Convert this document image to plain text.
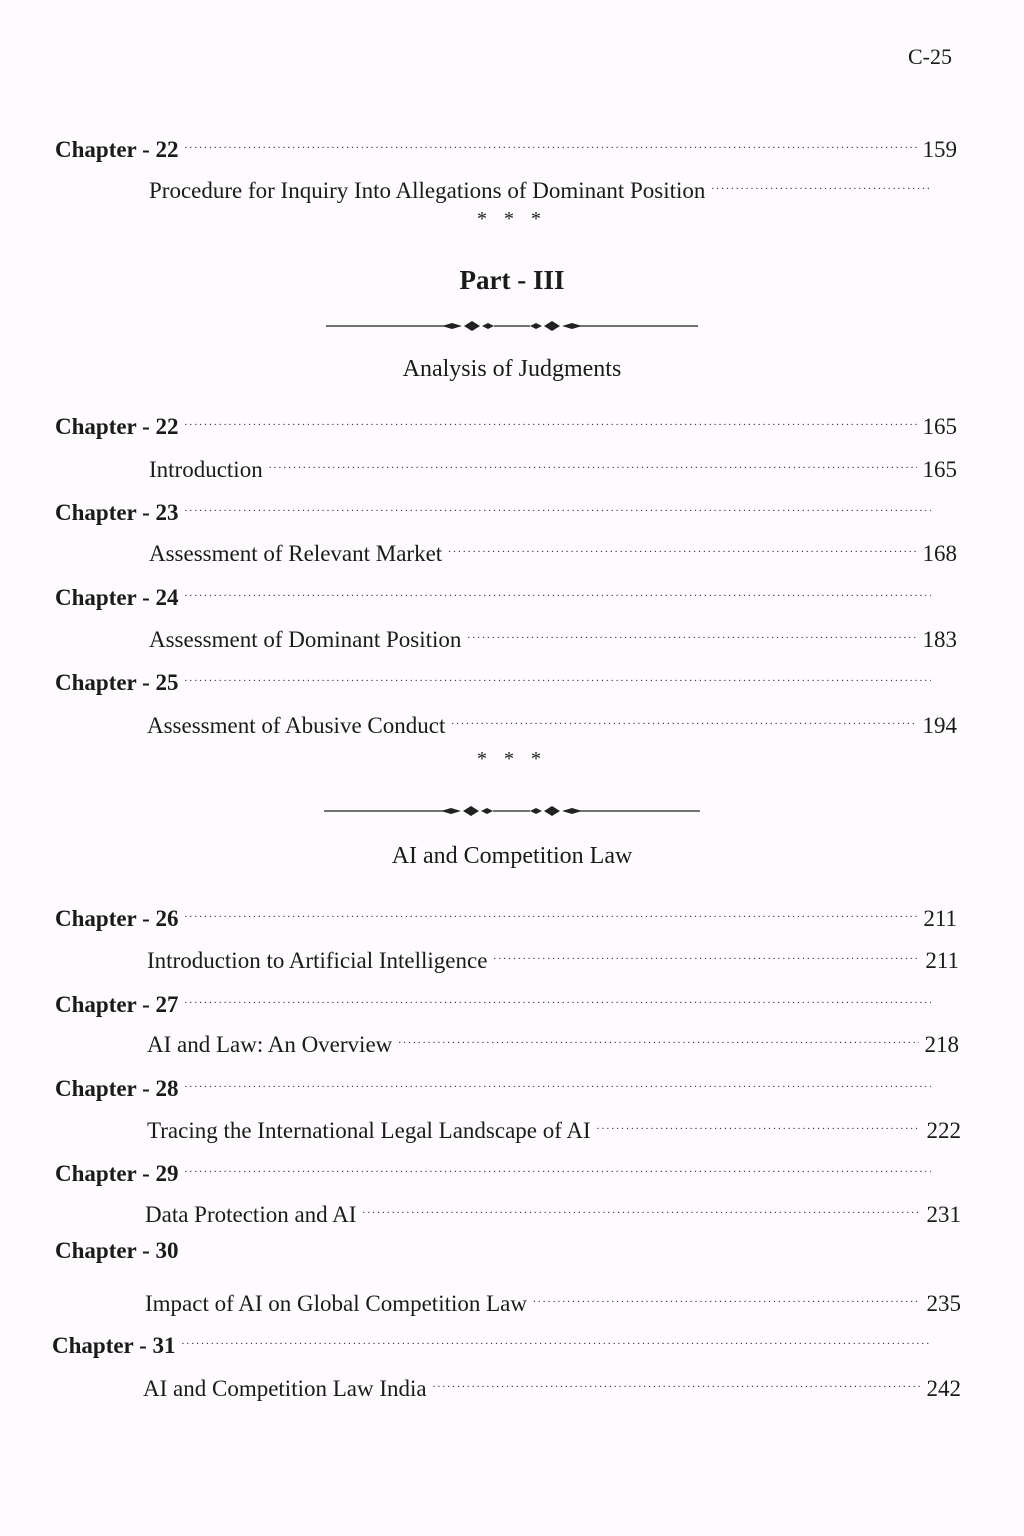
C-25
Chapter - 22 . . .	159
Procedure for Inquiry Into Allegations of Dominant Position
. . .
* * *
Part - III
Analysis of Judgments
Chapter - 22 . . .	165
Introduction . . .	165
Chapter - 23
. . .
Assessment of Relevant Market . . .	168
Chapter - 24
. . .
Assessment of Dominant Position . . .	183
Chapter - 25
. . .
Assessment of Abusive Conduct . . .	194
* * *
AI and Competition Law
Chapter - 26 . . .	211
Introduction to Artificial Intelligence . . .	211
Chapter - 27
. . .
AI and Law: An Overview . . .	218
Chapter - 28
. . .
Tracing the International Legal Landscape of AI . . .	222
Chapter - 29
. . .
Data Protection and AI . . .	231
Chapter - 30
Impact of AI on Global Competition Law . . .	235
Chapter - 31
. . .
AI and Competition Law India . . .	242
